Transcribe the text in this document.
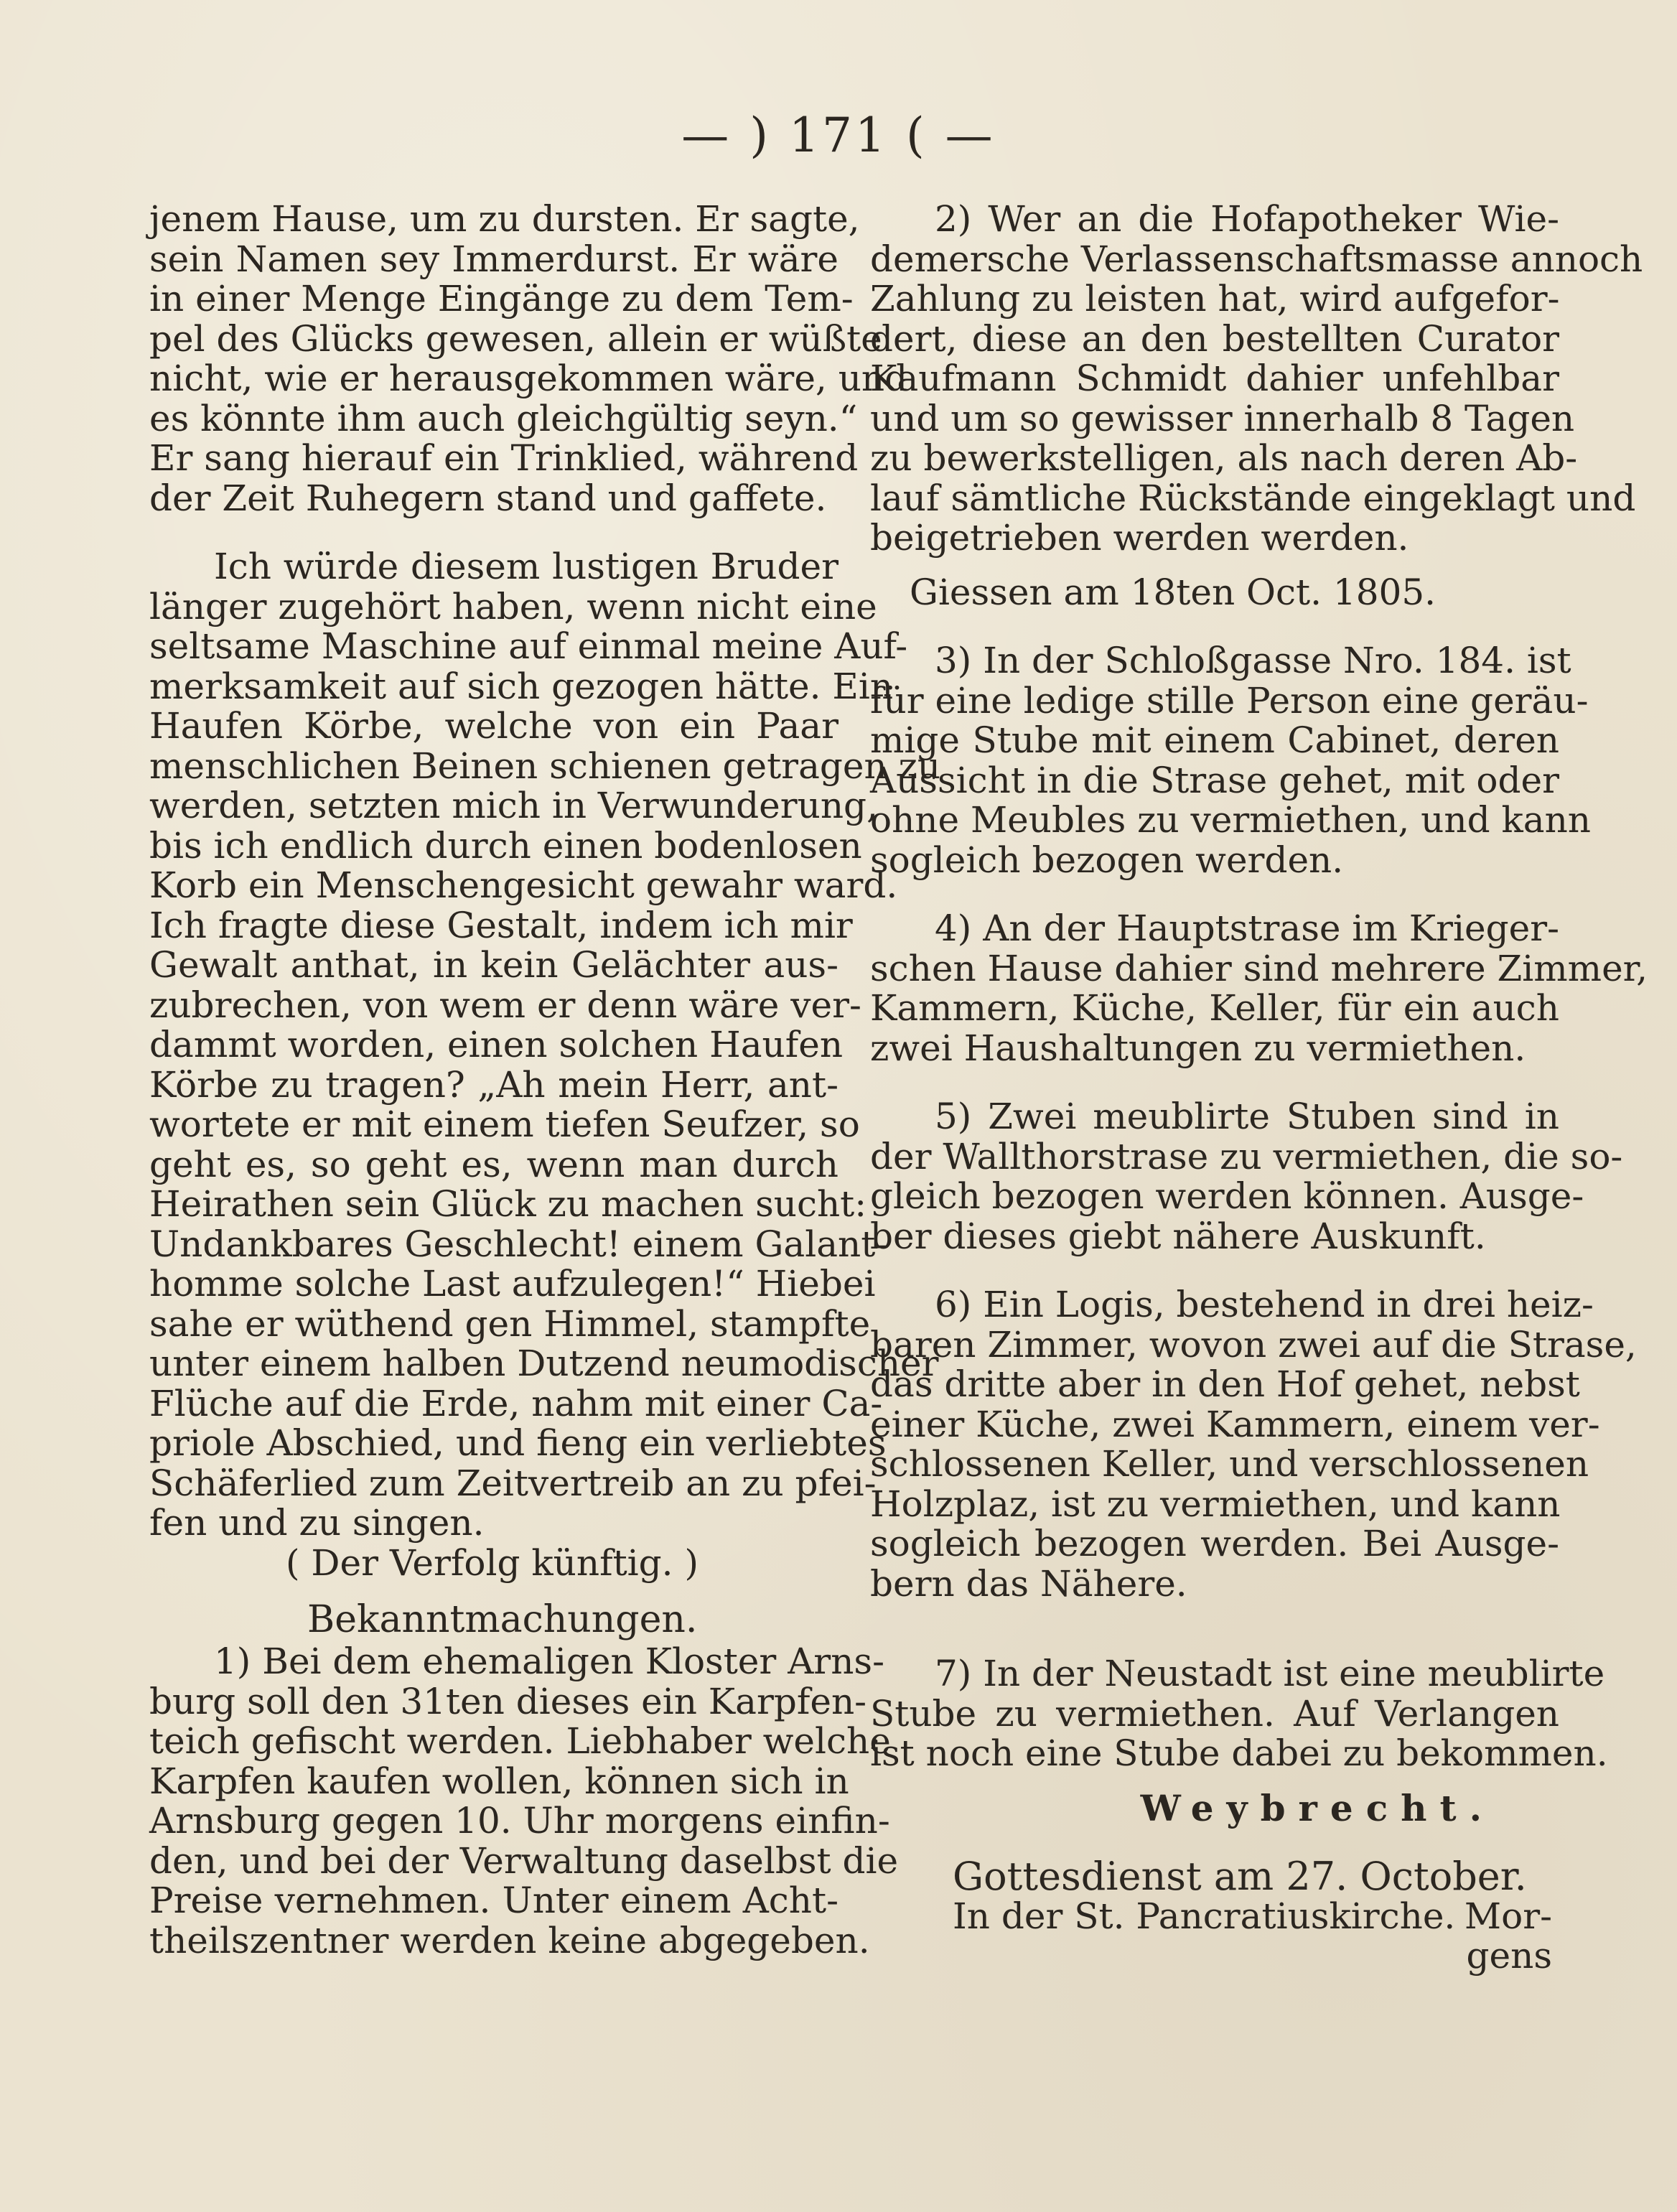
— ) 171 ( —
jenem Hause, um zu dursten. Er sagte,
sein Namen sey Immerdurst. Er wäre
in einer Menge Eingänge zu dem Tem-
pel des Glücks gewesen, allein er wüßte
nicht, wie er herausgekommen wäre, und
es könnte ihm auch gleichgültig seyn.“
Er sang hierauf ein Trinklied, während
der Zeit Ruhegern stand und gaffete.
Ich würde diesem lustigen Bruder
länger zugehört haben, wenn nicht eine
seltsame Maschine auf einmal meine Auf-
merksamkeit auf sich gezogen hätte. Ein
Haufen Körbe, welche von ein Paar
menschlichen Beinen schienen getragen zu
werden, setzten mich in Verwunderung,
bis ich endlich durch einen bodenlosen
Korb ein Menschengesicht gewahr ward.
Ich fragte diese Gestalt, indem ich mir
Gewalt anthat, in kein Gelächter aus-
zubrechen, von wem er denn wäre ver-
dammt worden, einen solchen Haufen
Körbe zu tragen? „Ah mein Herr, ant-
wortete er mit einem tiefen Seufzer, so
geht es, so geht es, wenn man durch
Heirathen sein Glück zu machen sucht:
Undankbares Geschlecht! einem Galant-
homme solche Last aufzulegen!“ Hiebei
sahe er wüthend gen Himmel, stampfte
unter einem halben Dutzend neumodischer
Flüche auf die Erde, nahm mit einer Ca-
priole Abschied, und fieng ein verliebtes
Schäferlied zum Zeitvertreib an zu pfei-
fen und zu singen.
( Der Verfolg künftig. )
Bekanntmachungen.
1) Bei dem ehemaligen Kloster Arns-
burg soll den 31ten dieses ein Karpfen-
teich gefischt werden. Liebhaber welche
Karpfen kaufen wollen, können sich in
Arnsburg gegen 10. Uhr morgens einfin-
den, und bei der Verwaltung daselbst die
Preise vernehmen. Unter einem Acht-
theilszentner werden keine abgegeben.
2) Wer an die Hofapotheker Wie-
demersche Verlassenschaftsmasse annoch
Zahlung zu leisten hat, wird aufgefor-
dert, diese an den bestellten Curator
Kaufmann Schmidt dahier unfehlbar
und um so gewisser innerhalb 8 Tagen
zu bewerkstelligen, als nach deren Ab-
lauf sämtliche Rückstände eingeklagt und
beigetrieben werden werden.
Giessen am 18ten Oct. 1805.
3) In der Schloßgasse Nro. 184. ist
für eine ledige stille Person eine geräu-
mige Stube mit einem Cabinet, deren
Aussicht in die Strase gehet, mit oder
ohne Meubles zu vermiethen, und kann
sogleich bezogen werden.
4) An der Hauptstrase im Krieger-
schen Hause dahier sind mehrere Zimmer,
Kammern, Küche, Keller, für ein auch
zwei Haushaltungen zu vermiethen.
5) Zwei meublirte Stuben sind in
der Wallthorstrase zu vermiethen, die so-
gleich bezogen werden können. Ausge-
ber dieses giebt nähere Auskunft.
6) Ein Logis, bestehend in drei heiz-
baren Zimmer, wovon zwei auf die Strase,
das dritte aber in den Hof gehet, nebst
einer Küche, zwei Kammern, einem ver-
schlossenen Keller, und verschlossenen
Holzplaz, ist zu vermiethen, und kann
sogleich bezogen werden. Bei Ausge-
bern das Nähere.
7) In der Neustadt ist eine meublirte
Stube zu vermiethen. Auf Verlangen
ist noch eine Stube dabei zu bekommen.
Weybrecht.
Gottesdienst am 27. October.
In der St. Pancratiuskirche. Mor-
gens
